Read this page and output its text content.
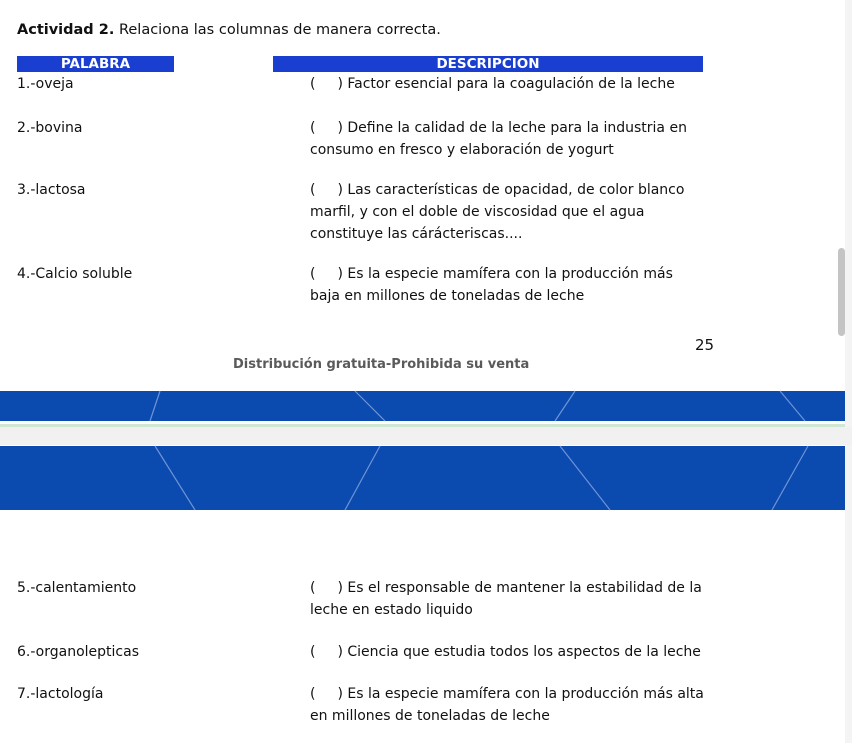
Actividad 2. Relaciona las columnas de manera correcta.
PALABRA	DESCRIPCION
1.-oveja	( ) Factor esencial para la coagulación de la leche
2.-bovina	( ) Define la calidad de la leche para la industria en
consumo en fresco y elaboración de yogurt
3.-lactosa	( ) Las características de opacidad, de color blanco
marfil, y con el doble de viscosidad que el agua
constituye las cárácteriscas....
4.-Calcio soluble	( ) Es la especie mamífera con la producción más
baja en millones de toneladas de leche
25
Distribución gratuita-Prohibida su venta
5.-calentamiento	( ) Es el responsable de mantener la estabilidad de la
leche en estado liquido
6.-organolepticas	( ) Ciencia que estudia todos los aspectos de la leche
7.-lactología	( ) Es la especie mamífera con la producción más alta
en millones de toneladas de leche
